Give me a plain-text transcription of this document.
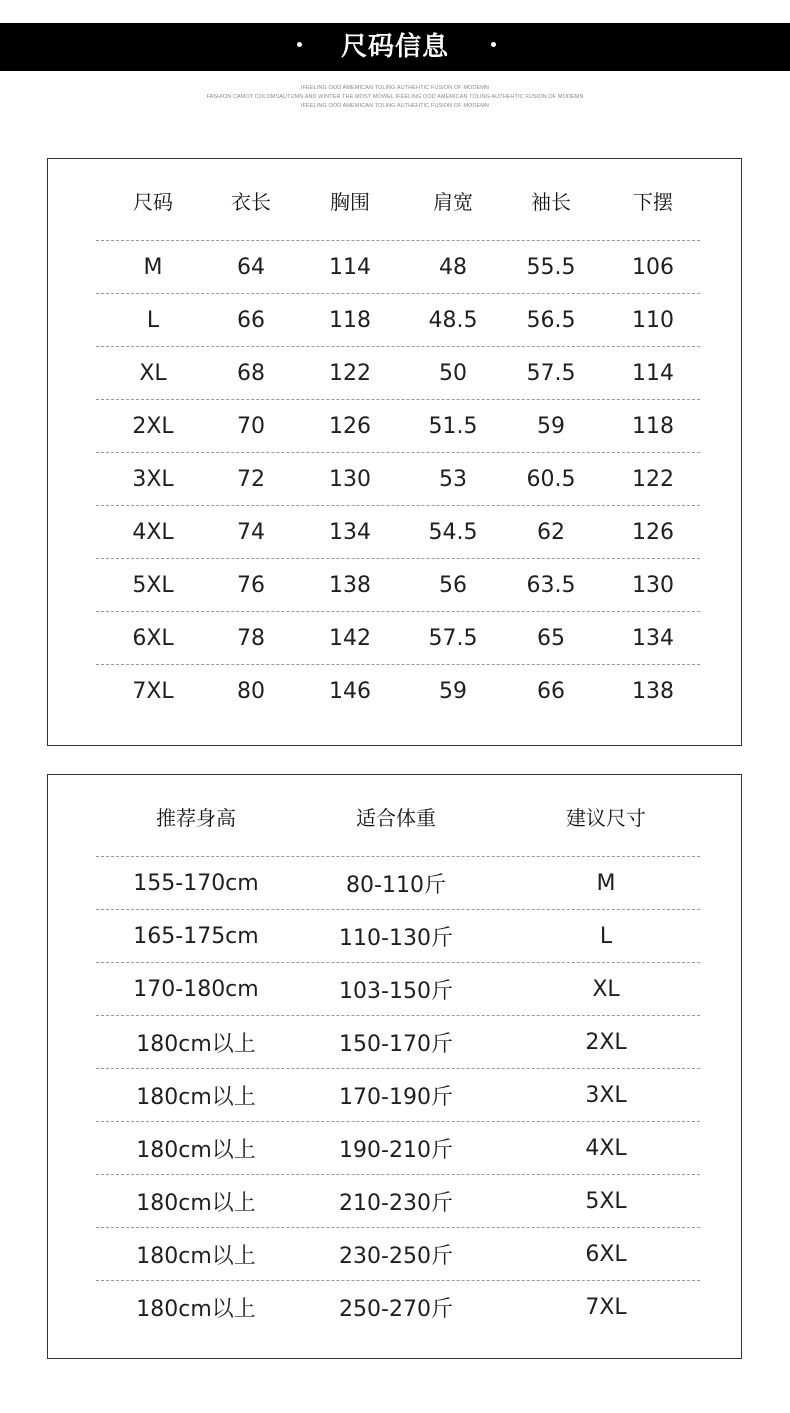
尺码信息
IFEELING OOD AMEMICAN TOLING AUTHEHTIC FUSION OF MODEMN
FASHION CAMOT COLOMSAUTUMN AND WINTER THE MOST MOWEL IFEELING OOD AMEMICAN TOLING AUTHEHTIC FUSION OF MODEMN
IFEELING OOD AMEMICAN TOLING AUTHEHTIC FUSION OF MODEMN
尺码	衣长	胸围	肩宽	袖长	下摆
M	64	114	48	55.5	106
L	66	118	48.5	56.5	110
XL	68	122	50	57.5	114
2XL	70	126	51.5	59	118
3XL	72	130	53	60.5	122
4XL	74	134	54.5	62	126
5XL	76	138	56	63.5	130
6XL	78	142	57.5	65	134
7XL	80	146	59	66	138
推荐身高	适合体重	建议尺寸
155-170cm	80-110斤	M
165-175cm	110-130斤	L
170-180cm	103-150斤	XL
180cm以上	150-170斤	2XL
180cm以上	170-190斤	3XL
180cm以上	190-210斤	4XL
180cm以上	210-230斤	5XL
180cm以上	230-250斤	6XL
180cm以上	250-270斤	7XL
